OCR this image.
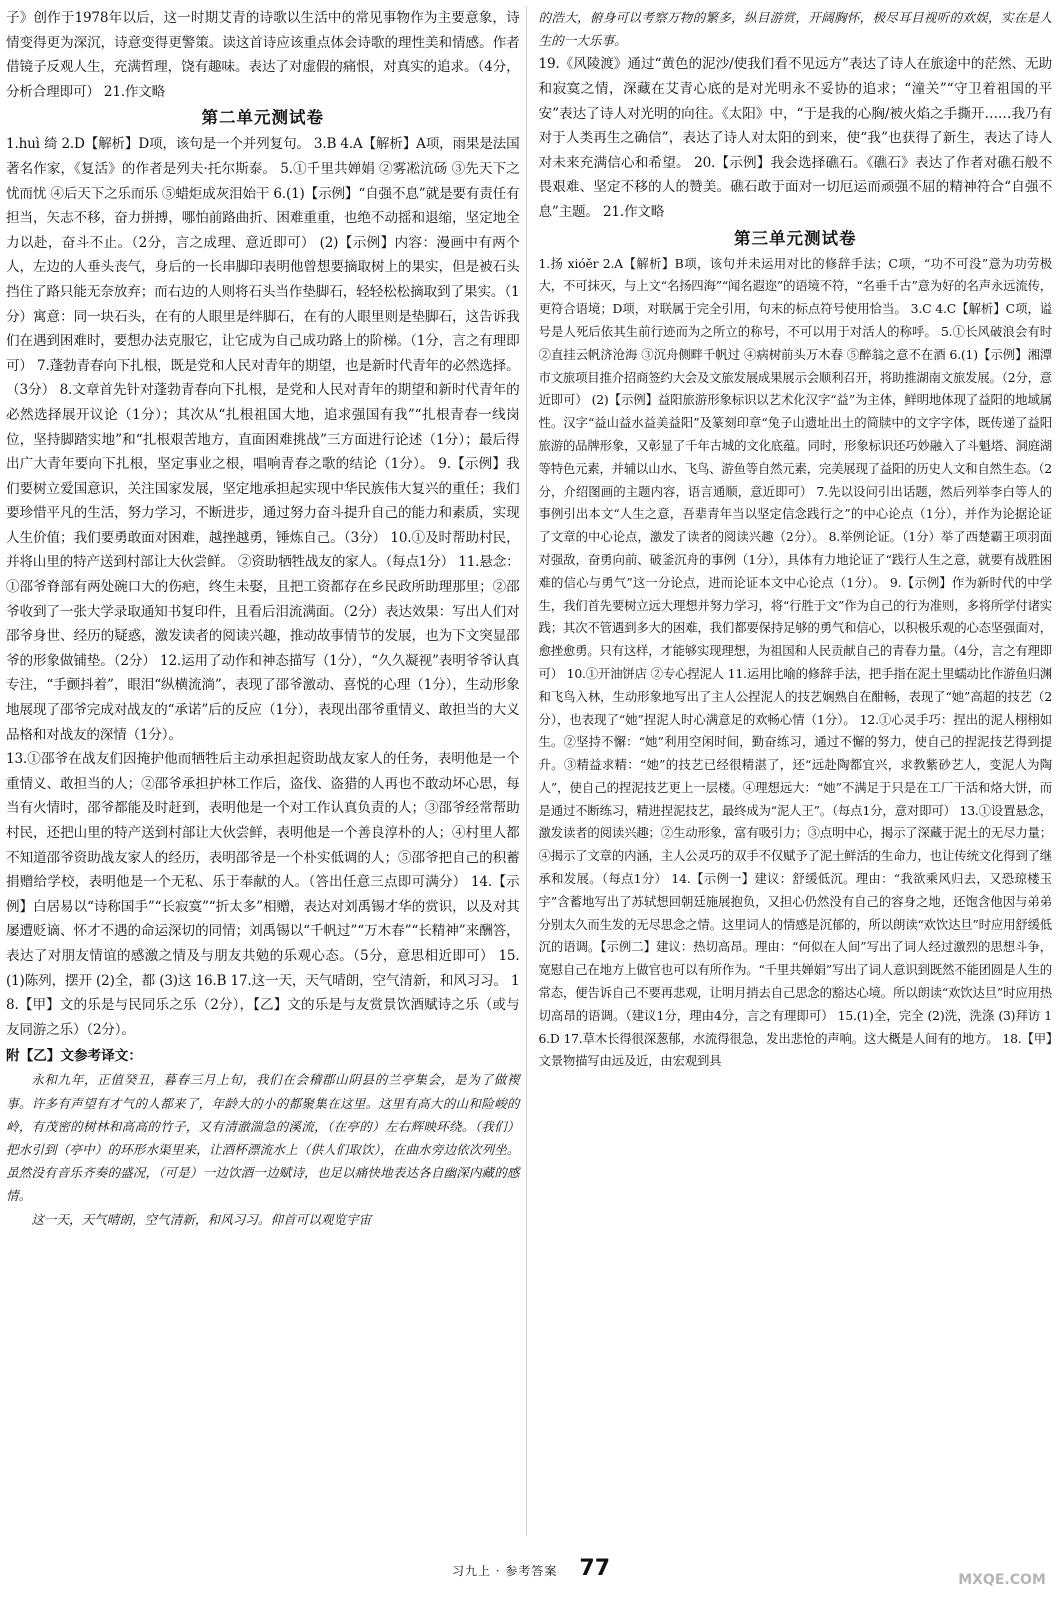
子》创作于1978年以后，这一时期艾青的诗歌以生活中的常见事物作为主要意象，诗情变得更为深沉，诗意变得更警策。读这首诗应该重点体会诗歌的理性美和情感。作者借镜子反观人生，充满哲理，饶有趣味。表达了对虚假的痛恨，对真实的追求。（4分，分析合理即可） 21.作文略

第二单元测试卷

1.huì 绮 2.D【解析】D项，该句是一个并列复句。 3.B 4.A【解析】A项，雨果是法国著名作家，《复活》的作者是列夫·托尔斯泰。 5.①千里共婵娟 ②雾凇沆砀 ③先天下之忧而忧 ④后天下之乐而乐 ⑤蜡炬成灰泪始干 6.(1)【示例】“自强不息”就是要有责任有担当，矢志不移，奋力拼搏，哪怕前路曲折、困难重重，也绝不动摇和退缩，坚定地全力以赴，奋斗不止。（2分，言之成理、意近即可） (2)【示例】内容：漫画中有两个人，左边的人垂头丧气，身后的一长串脚印表明他曾想要摘取树上的果实，但是被石头挡住了路只能无奈放弃；而右边的人则将石头当作垫脚石，轻轻松松摘取到了果实。（1分）寓意：同一块石头，在有的人眼里是绊脚石，在有的人眼里则是垫脚石，这告诉我们在遇到困难时，要想办法克服它，让它成为自己成功路上的阶梯。（1分，言之有理即可） 7.蓬勃青春向下扎根，既是党和人民对青年的期望，也是新时代青年的必然选择。（3分） 8.文章首先针对蓬勃青春向下扎根，是党和人民对青年的期望和新时代青年的必然选择展开议论（1分）；其次从“扎根祖国大地，追求强国有我”“扎根青春一线岗位，坚持脚踏实地”和“扎根艰苦地方，直面困难挑战”三方面进行论述（1分）；最后得出广大青年要向下扎根，坚定事业之根，唱响青春之歌的结论（1分）。 9.【示例】我们要树立爱国意识，关注国家发展，坚定地承担起实现中华民族伟大复兴的重任；我们要珍惜平凡的生活，努力学习，不断进步，通过努力奋斗提升自己的能力和素质，实现人生价值；我们要勇敢面对困难，越挫越勇，锤炼自己。（3分） 10.①及时帮助村民，并将山里的特产送到村部让大伙尝鲜。 ②资助牺牲战友的家人。（每点1分） 11.悬念：①邵爷脊部有两处碗口大的伤疤，终生未娶，且把工资都存在乡民政所助理那里；②邵爷收到了一张大学录取通知书复印件，且看后泪流满面。（2分）表达效果：写出人们对邵爷身世、经历的疑惑，激发读者的阅读兴趣，推动故事情节的发展，也为下文突显邵爷的形象做铺垫。（2分） 12.运用了动作和神态描写（1分），“久久凝视”表明爷爷认真专注，“手颤抖着”，眼泪“纵横流淌”，表现了邵爷激动、喜悦的心理（1分），生动形象地展现了邵爷完成对战友的“承诺”后的反应（1分），表现出邵爷重情义、敢担当的大义品格和对战友的深情（1分）。

13.①邵爷在战友们因掩护他而牺牲后主动承担起资助战友家人的任务，表明他是一个重情义、敢担当的人；②邵爷承担护林工作后，盗伐、盗猎的人再也不敢动坏心思，每当有火情时，邵爷都能及时赶到，表明他是一个对工作认真负责的人；③邵爷经常帮助村民，还把山里的特产送到村部让大伙尝鲜，表明他是一个善良淳朴的人；④村里人都不知道邵爷资助战友家人的经历，表明邵爷是一个朴实低调的人；⑤邵爷把自己的积蓄捐赠给学校，表明他是一个无私、乐于奉献的人。（答出任意三点即可满分） 14.【示例】白居易以“诗称国手”“长寂寞”“折太多”相赠，表达对刘禹锡才华的赏识，以及对其屡遭贬谪、怀才不遇的命运深切的同情；刘禹锡以“千帆过”“万木春”“长精神”来酬答，表达了对朋友情谊的感激之情及与朋友共勉的乐观心态。（5分，意思相近即可） 15.(1)陈列，摆开 (2)全，都 (3)这 16.B 17.这一天，天气晴朗，空气清新，和风习习。 18.【甲】文的乐是与民同乐之乐（2分），【乙】文的乐是与友赏景饮酒赋诗之乐（或与友同游之乐）（2分）。

附【乙】文参考译文：

永和九年，正值癸丑，暮春三月上旬，我们在会稽郡山阴县的兰亭集会，是为了做褉事。许多有声望有才气的人都来了，年龄大的小的都聚集在这里。这里有高大的山和险峻的岭，有茂密的树林和高高的竹子，又有清澈湍急的溪流，（在亭的）左右辉映环绕。（我们）把水引到（亭中）的环形水渠里来，让酒杯漂流水上（供人们取饮），在曲水旁边依次列坐。虽然没有音乐齐奏的盛况，（可是）一边饮酒一边赋诗，也足以痛快地表达各自幽深内藏的感情。

这一天，天气晴朗，空气清新，和风习习。仰首可以观览宇宙

的浩大，俯身可以考察万物的繁多，纵目游赏，开阔胸怀，极尽耳目视听的欢娱，实在是人生的一大乐事。

19.《风陵渡》通过“黄色的泥沙/使我们看不见远方”表达了诗人在旅途中的茫然、无助和寂寞之情，深藏在艾青心底的是对光明永不妥协的追求；“潼关”“守卫着祖国的平安”表达了诗人对光明的向往。《太阳》中，“于是我的心胸/被火焰之手撕开……我乃有对于人类再生之确信”，表达了诗人对太阳的到来，使“我”也获得了新生，表达了诗人对未来充满信心和希望。 20.【示例】我会选择礁石。《礁石》表达了作者对礁石般不畏艰难、坚定不移的人的赞美。礁石敢于面对一切厄运而顽强不屈的精神符合“自强不息”主题。 21.作文略

第三单元测试卷

1.扬 xióěr 2.A【解析】B项，该句并未运用对比的修辞手法；C项，“功不可没”意为功劳极大，不可抹灭，与上文“名扬四海”“闻名遐迩”的语境不符，“名垂千古”意为好的名声永远流传，更符合语境；D项，对联属于完全引用，句末的标点符号使用恰当。 3.C 4.C【解析】C项，谥号是人死后依其生前行迹而为之所立的称号，不可以用于对活人的称呼。 5.①长风破浪会有时 ②直挂云帆济沧海 ③沉舟侧畔千帆过 ④病树前头万木春 ⑤醉翁之意不在酒 6.(1)【示例】湘潭市文旅项目推介招商签约大会及文旅发展成果展示会顺利召开，将助推湖南文旅发展。（2分，意近即可） (2)【示例】益阳旅游形象标识以艺术化汉字“益”为主体，鲜明地体现了益阳的地域属性。汉字“益山益水益美益阳”及篆刻印章“兔子山遗址出土的简牍中的文字字体，既传递了益阳旅游的品牌形象，又彰显了千年古城的文化底蕴。同时，形象标识还巧妙融入了斗魁塔、洞庭湖等特色元素，并辅以山水、飞鸟、游鱼等自然元素，完美展现了益阳的历史人文和自然生态。（2分，介绍图画的主题内容，语言通顺，意近即可） 7.先以设问引出话题，然后列举李白等人的事例引出本文“人生之意，吾辈青年当以坚定信念践行之”的中心论点（1分），并作为论据论证了文章的中心论点，激发了读者的阅读兴趣（2分）。 8.举例论证。（1分）举了西楚霸王项羽面对强敌，奋勇向前、破釜沉舟的事例（1分），具体有力地论证了“践行人生之意，就要有战胜困难的信心与勇气”这一分论点，进而论证本文中心论点（1分）。 9.【示例】作为新时代的中学生，我们首先要树立远大理想并努力学习，将“行胜于文”作为自己的行为准则，多将所学付诸实践；其次不管遇到多大的困难，我们都要保持足够的勇气和信心，以积极乐观的心态坚强面对，愈挫愈勇。只有这样，才能够实现理想，为祖国和人民贡献自己的青春力量。（4分，言之有理即可） 10.①开油饼店 ②专心捏泥人 11.运用比喻的修辞手法，把手指在泥土里蠕动比作游鱼归渊和飞鸟入林，生动形象地写出了主人公捏泥人的技艺娴熟自在酣畅，表现了“她”高超的技艺（2分），也表现了“她”捏泥人时心满意足的欢畅心情（1分）。 12.①心灵手巧：捏出的泥人栩栩如生。②坚持不懈：“她”利用空闲时间，勤奋练习，通过不懈的努力，使自己的捏泥技艺得到提升。③精益求精：“她”的技艺已经很精湛了，还“远赴陶都宜兴，求教紫砂艺人，变泥人为陶人”，使自己的捏泥技艺更上一层楼。④理想远大：“她”不满足于只是在工厂干活和烙大饼，而是通过不断练习，精进捏泥技艺，最终成为“泥人王”。（每点1分，意对即可） 13.①设置悬念，激发读者的阅读兴趣；②生动形象，富有吸引力；③点明中心，揭示了深藏于泥土的无尽力量；④揭示了文章的内涵，主人公灵巧的双手不仅赋予了泥土鲜活的生命力，也让传统文化得到了继承和发展。（每点1分） 14.【示例一】建议：舒缓低沉。理由：“我欲乘风归去，又恐琼楼玉宇”含蓄地写出了苏轼想回朝廷施展抱负，又担心仍然没有自己的容身之地，还饱含他因与弟弟分别太久而生发的无尽思念之情。这里词人的情感是沉郁的，所以朗读“欢饮达旦”时应用舒缓低沉的语调。【示例二】建议：热切高昂。理由：“何似在人间”写出了词人经过激烈的思想斗争，宽慰自己在地方上做官也可以有所作为。“千里共婵娟”写出了词人意识到既然不能团圆是人生的常态，便告诉自己不要再悲观，让明月捎去自己思念的豁达心境。所以朗读“欢饮达旦”时应用热切高昂的语调。（建议1分，理由4分，言之有理即可） 15.(1)全，完全 (2)洗，洗涤 (3)拜访 16.D 17.草木长得很深葱郁，水流得很急，发出悲怆的声响。这大概是人间有的地方。 18.【甲】文景物描写由远及近，由宏观到具

习九上 · 参考答案 77	MXQE.COM
